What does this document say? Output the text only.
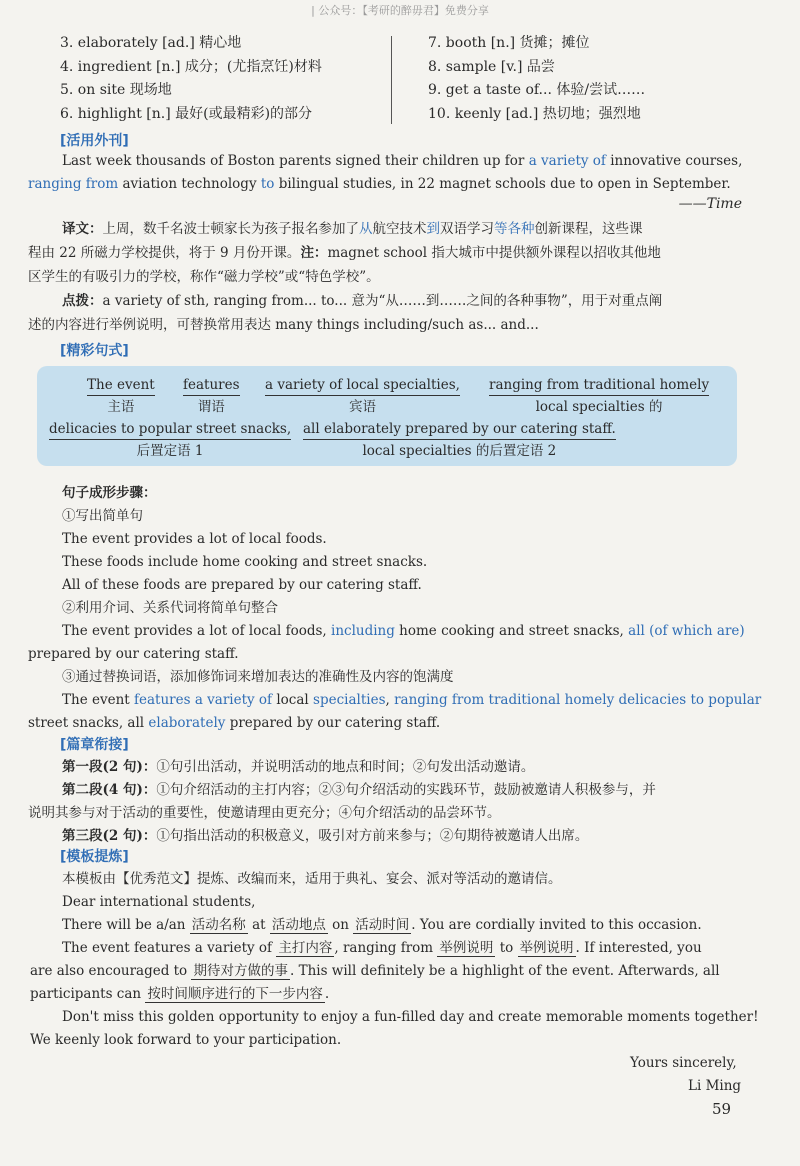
| 公众号：【考研的醉毋君】免费分享
3. elaborately [ad.] 精心地
4. ingredient [n.] 成分；(尤指烹饪)材料
5. on site 现场地
6. highlight [n.] 最好(或最精彩)的部分
7. booth [n.] 货摊；摊位
8. sample [v.] 品尝
9. get a taste of... 体验/尝试……
10. keenly [ad.] 热切地；强烈地
[活用外刊]
Last week thousands of Boston parents signed their children up for a variety of innovative courses,
ranging from aviation technology to bilingual studies, in 22 magnet schools due to open in September.
——Time
译文：上周，数千名波士顿家长为孩子报名参加了从航空技术到双语学习等各种创新课程，这些课
程由 22 所磁力学校提供，将于 9 月份开课。注：magnet school 指大城市中提供额外课程以招收其他地
区学生的有吸引力的学校，称作“磁力学校”或“特色学校”。
点拨：a variety of sth, ranging from... to... 意为“从……到……之间的各种事物”，用于对重点阐
述的内容进行举例说明，可替换常用表达 many things including/such as... and...
[精彩句式]
The event
主语
features
谓语
a variety of local specialties,
宾语
ranging from traditional homely
local specialties 的
delicacies to popular street snacks,
后置定语 1
all elaborately prepared by our catering staff.
local specialties 的后置定语 2
句子成形步骤：
①写出简单句
The event provides a lot of local foods.
These foods include home cooking and street snacks.
All of these foods are prepared by our catering staff.
②利用介词、关系代词将简单句整合
The event provides a lot of local foods, including home cooking and street snacks, all (of which are)
prepared by our catering staff.
③通过替换词语，添加修饰词来增加表达的准确性及内容的饱满度
The event features a variety of local specialties, ranging from traditional homely delicacies to popular
street snacks, all elaborately prepared by our catering staff.
[篇章衔接]
第一段(2 句)：①句引出活动，并说明活动的地点和时间；②句发出活动邀请。
第二段(4 句)：①句介绍活动的主打内容；②③句介绍活动的实践环节，鼓励被邀请人积极参与，并
说明其参与对于活动的重要性，使邀请理由更充分；④句介绍活动的品尝环节。
第三段(2 句)：①句指出活动的积极意义，吸引对方前来参与；②句期待被邀请人出席。
[模板提炼]
本模板由【优秀范文】提炼、改编而来，适用于典礼、宴会、派对等活动的邀请信。
Dear international students,
There will be a/an 活动名称 at 活动地点 on 活动时间 . You are cordially invited to this occasion.
The event features a variety of 主打内容 , ranging from 举例说明 to 举例说明 . If interested, you
are also encouraged to 期待对方做的事 . This will definitely be a highlight of the event. Afterwards, all
participants can 按时间顺序进行的下一步内容 .
Don't miss this golden opportunity to enjoy a fun-filled day and create memorable moments together!
We keenly look forward to your participation.
Yours sincerely,
Li Ming
59
